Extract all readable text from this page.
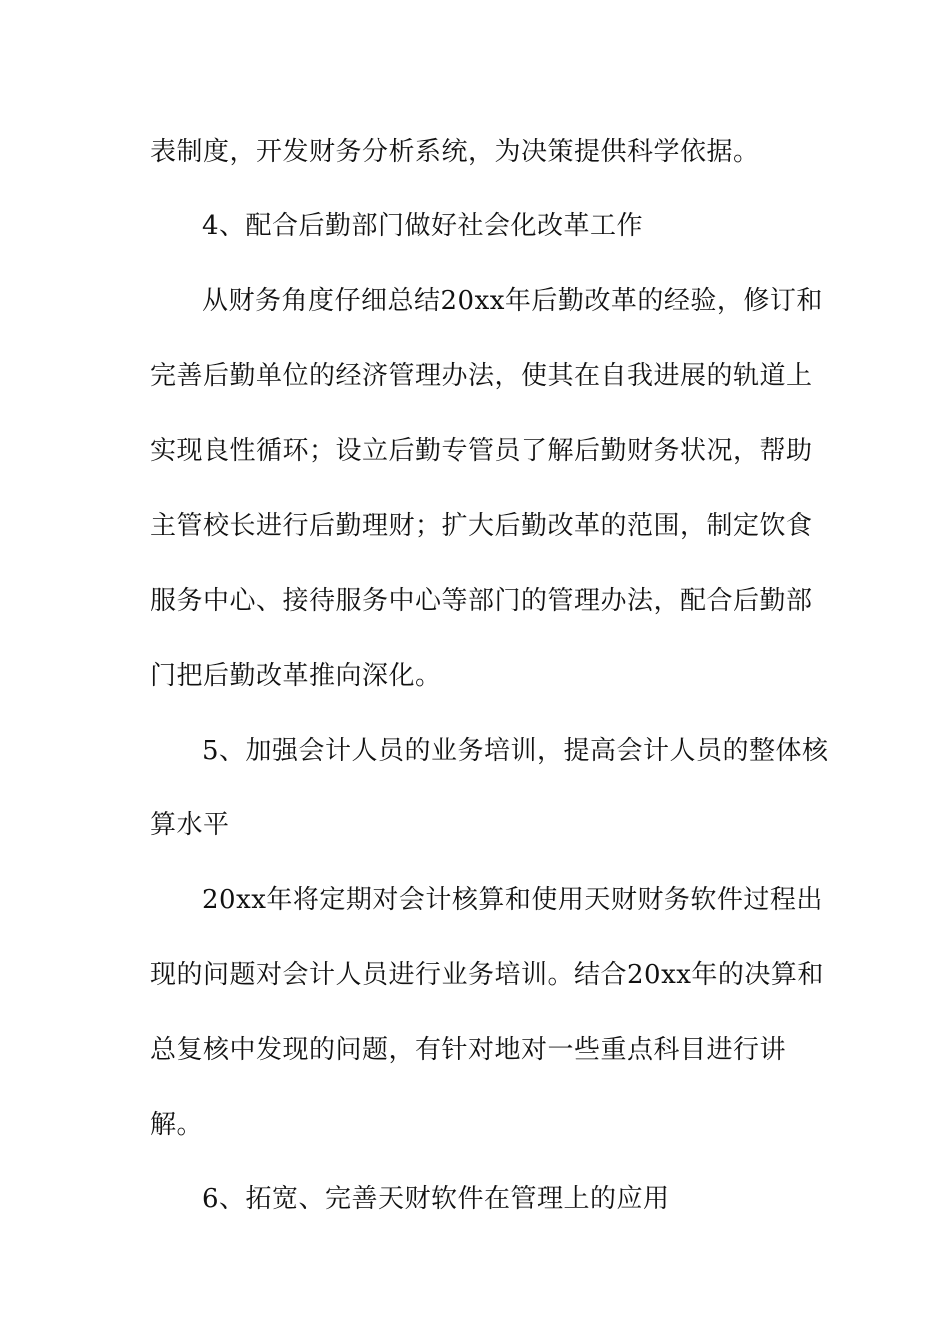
表制度，开发财务分析系统，为决策提供科学依据。
4、配合后勤部门做好社会化改革工作
从财务角度仔细总结20xx年后勤改革的经验，修订和
完善后勤单位的经济管理办法，使其在自我进展的轨道上
实现良性循环；设立后勤专管员了解后勤财务状况，帮助
主管校长进行后勤理财；扩大后勤改革的范围，制定饮食
服务中心、接待服务中心等部门的管理办法，配合后勤部
门把后勤改革推向深化。
5、加强会计人员的业务培训，提高会计人员的整体核
算水平
20xx年将定期对会计核算和使用天财财务软件过程出
现的问题对会计人员进行业务培训。结合20xx年的决算和
总复核中发现的问题，有针对地对一些重点科目进行讲
解。
6、拓宽、完善天财软件在管理上的应用
